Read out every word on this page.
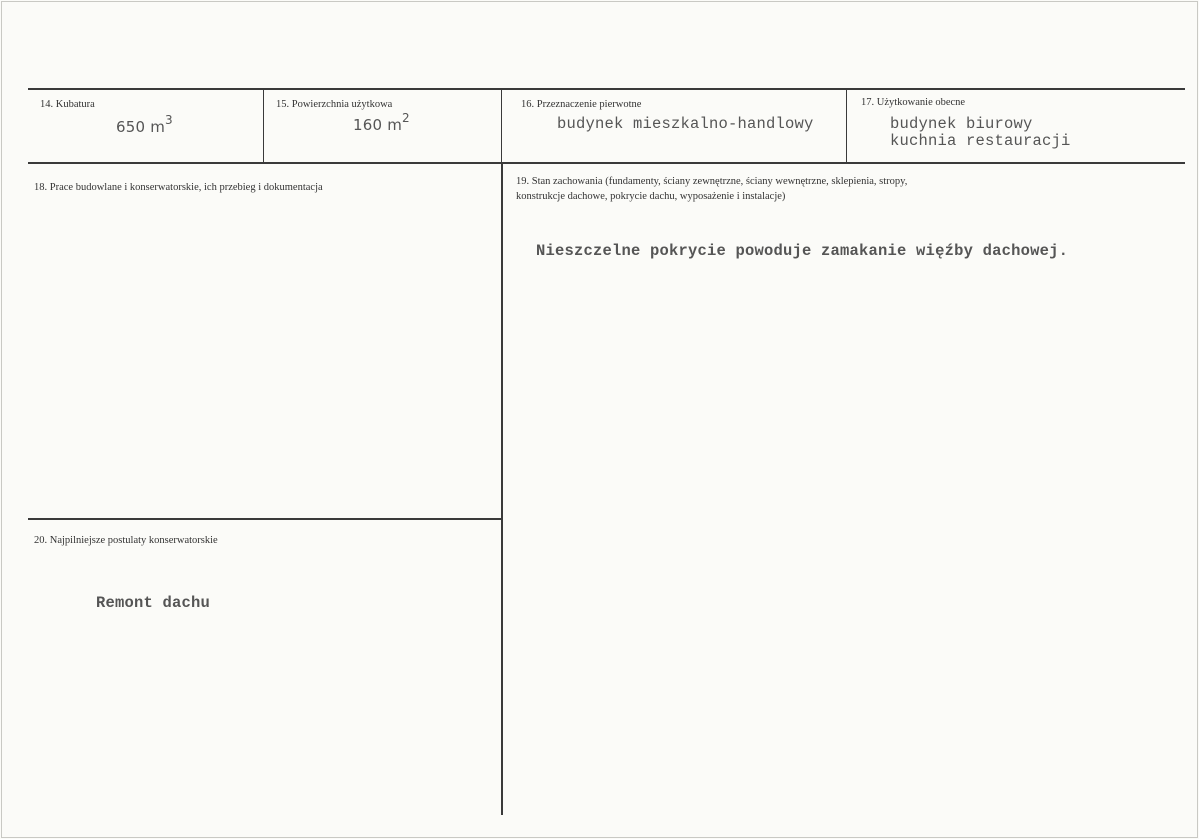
14. Kubatura
650 $m^3$
15. Powierzchnia użytkowa
160 $m^2$
16. Przeznaczenie pierwotne
budynek mieszkalno-handlowy
17. Użytkowanie obecne
budynek biurowy
kuchnia restauracji
18. Prace budowlane i konserwatorskie, ich przebieg i dokumentacja
19. Stan zachowania (fundamenty, ściany zewnętrzne, ściany wewnętrzne, sklepienia, stropy,
konstrukcje dachowe, pokrycie dachu, wyposażenie i instalacje)
Nieszczelne pokrycie powoduje zamakanie więźby dachowej.
20. Najpilniejsze postulaty konserwatorskie
Remont dachu
